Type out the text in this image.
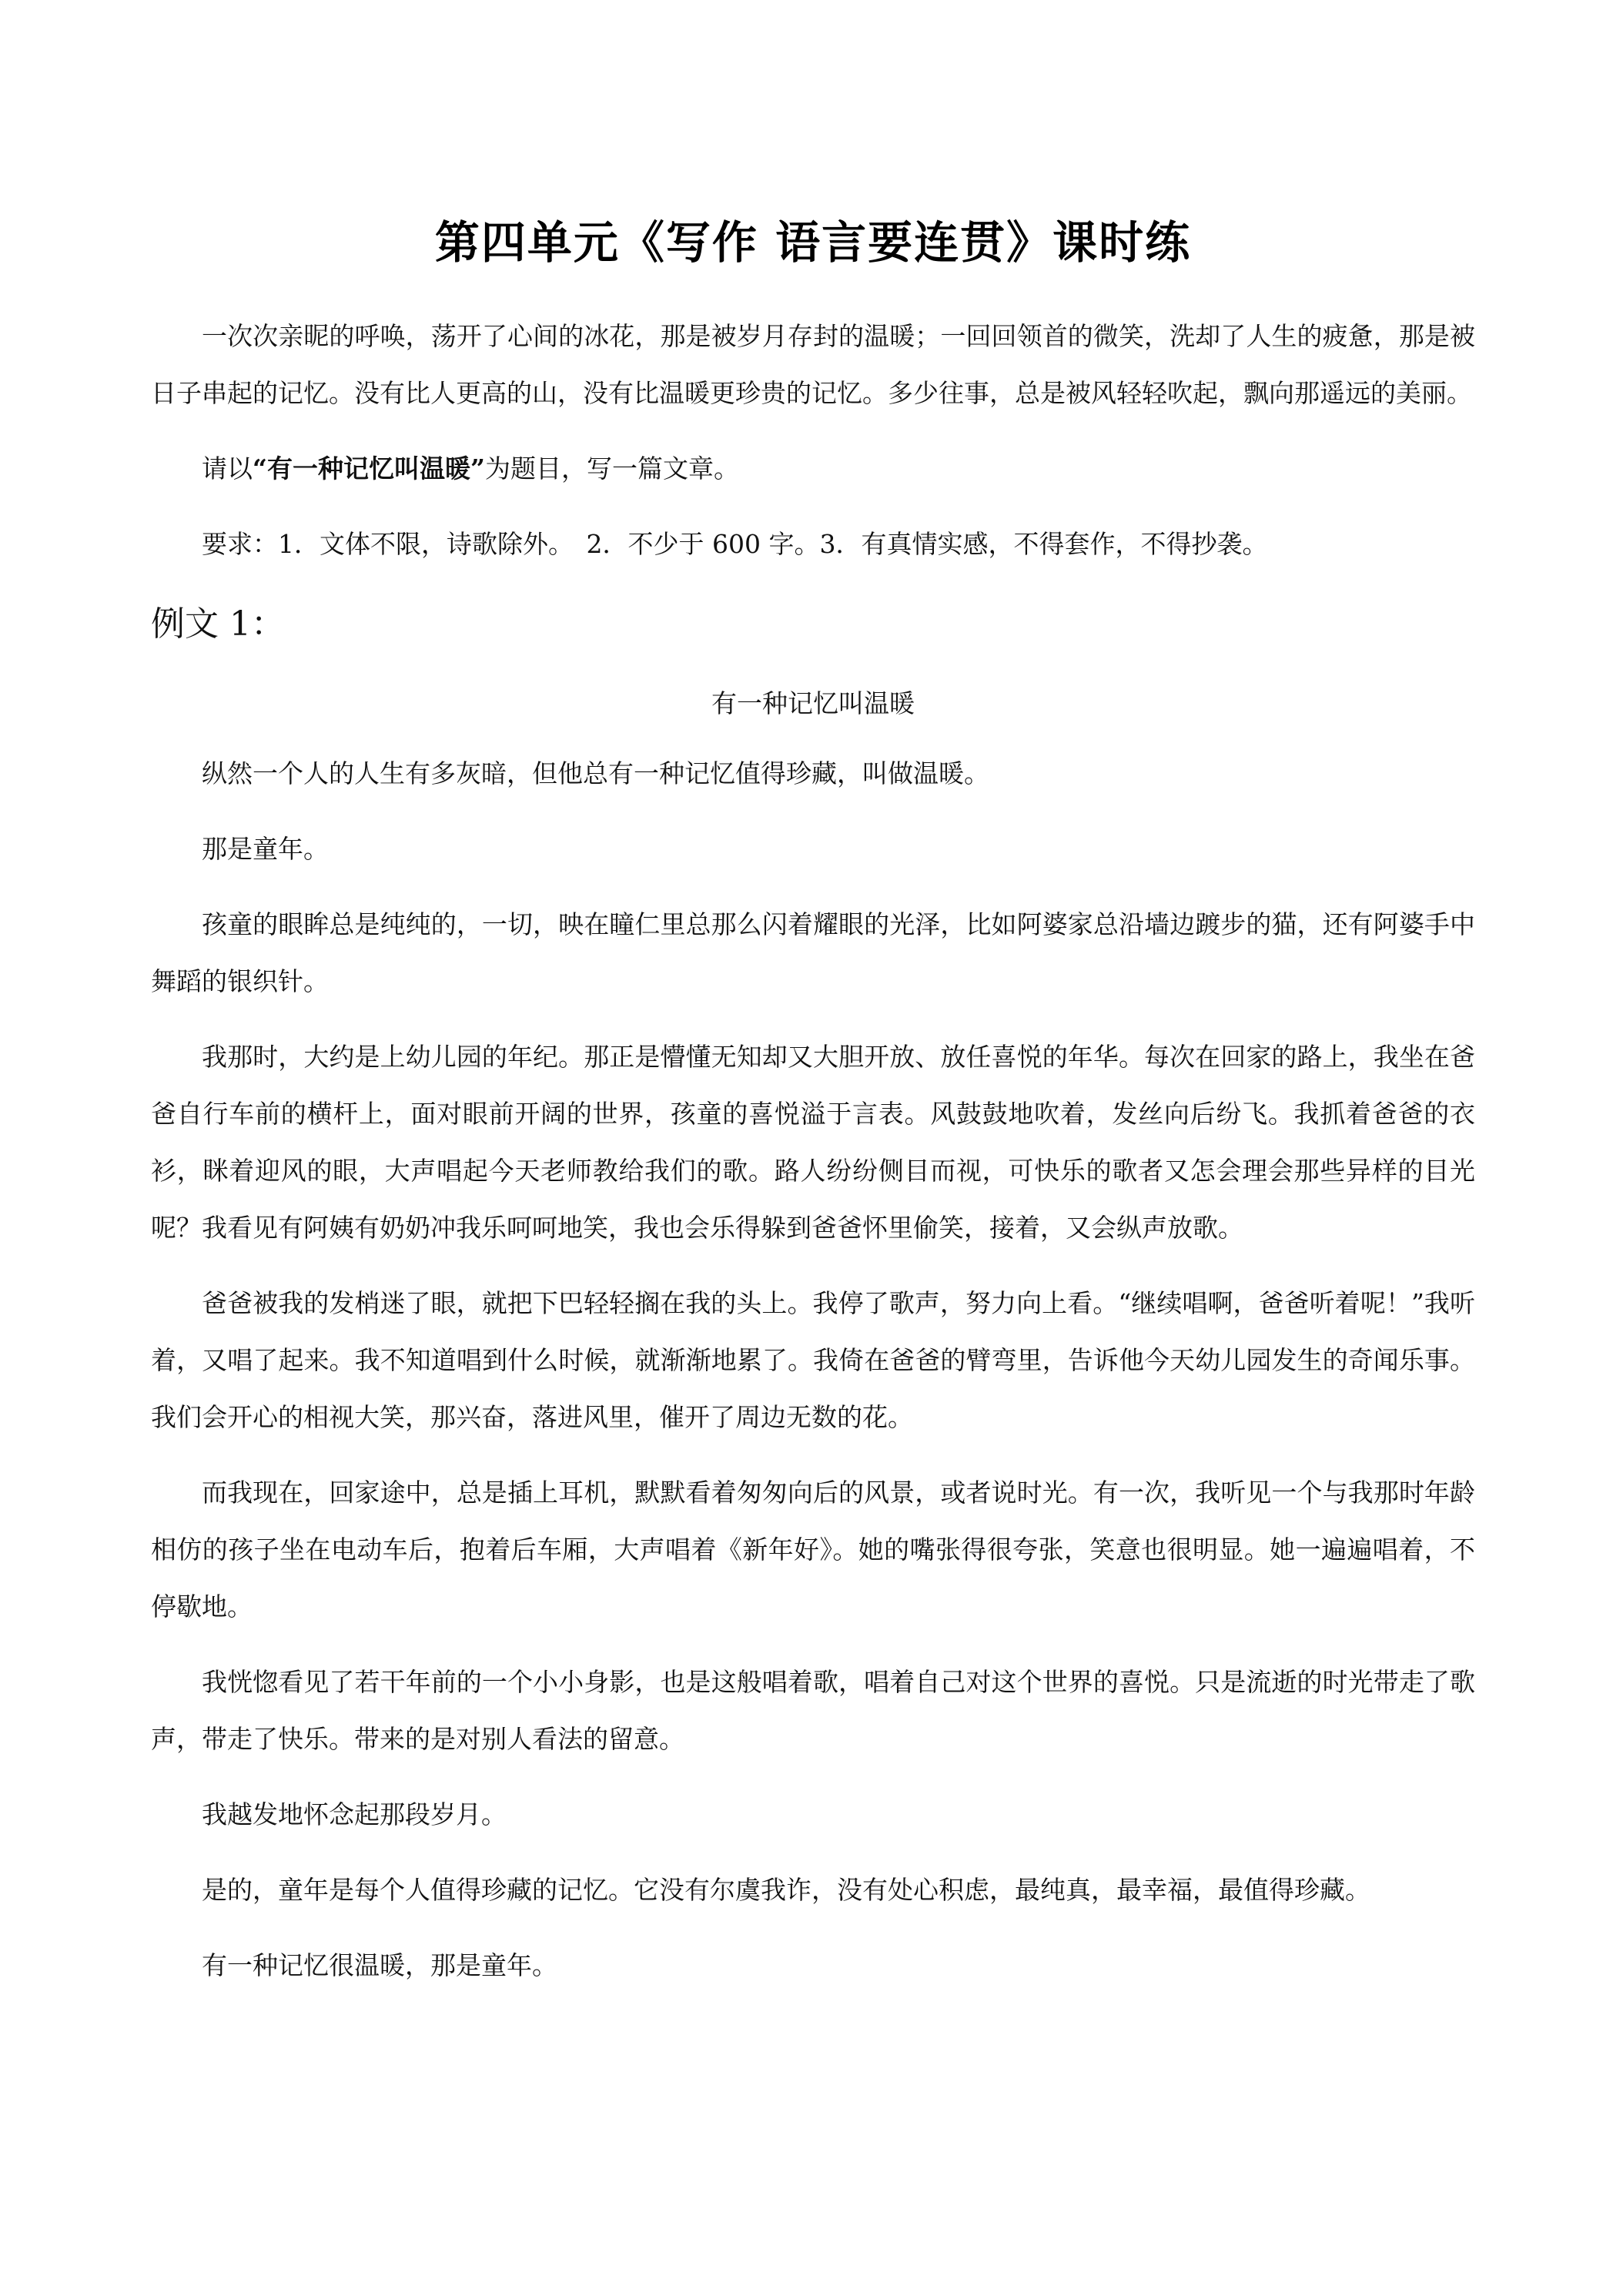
第四单元《写作 语言要连贯》课时练

一次次亲昵的呼唤，荡开了心间的冰花，那是被岁月存封的温暖；一回回领首的微笑，洗却了人生的疲惫，那是被日子串起的记忆。没有比人更高的山，没有比温暖更珍贵的记忆。多少往事，总是被风轻轻吹起，飘向那遥远的美丽。

请以“有一种记忆叫温暖”为题目，写一篇文章。

要求：1．文体不限，诗歌除外。　2．不少于 600 字。3．有真情实感，不得套作，不得抄袭。

例文 1：
有一种记忆叫温暖

纵然一个人的人生有多灰暗，但他总有一种记忆值得珍藏，叫做温暖。

那是童年。

孩童的眼眸总是纯纯的，一切，映在瞳仁里总那么闪着耀眼的光泽，比如阿婆家总沿墙边踱步的猫，还有阿婆手中舞蹈的银织针。

我那时，大约是上幼儿园的年纪。那正是懵懂无知却又大胆开放、放任喜悦的年华。每次在回家的路上，我坐在爸爸自行车前的横杆上，面对眼前开阔的世界，孩童的喜悦溢于言表。风鼓鼓地吹着，发丝向后纷飞。我抓着爸爸的衣衫，眯着迎风的眼，大声唱起今天老师教给我们的歌。路人纷纷侧目而视，可快乐的歌者又怎会理会那些异样的目光呢？我看见有阿姨有奶奶冲我乐呵呵地笑，我也会乐得躲到爸爸怀里偷笑，接着，又会纵声放歌。

爸爸被我的发梢迷了眼，就把下巴轻轻搁在我的头上。我停了歌声，努力向上看。“继续唱啊，爸爸听着呢！”我听着，又唱了起来。我不知道唱到什么时候，就渐渐地累了。我倚在爸爸的臂弯里，告诉他今天幼儿园发生的奇闻乐事。我们会开心的相视大笑，那兴奋，落进风里，催开了周边无数的花。

而我现在，回家途中，总是插上耳机，默默看着匆匆向后的风景，或者说时光。有一次，我听见一个与我那时年龄相仿的孩子坐在电动车后，抱着后车厢，大声唱着《新年好》。她的嘴张得很夸张，笑意也很明显。她一遍遍唱着，不停歇地。

我恍惚看见了若干年前的一个小小身影，也是这般唱着歌，唱着自己对这个世界的喜悦。只是流逝的时光带走了歌声，带走了快乐。带来的是对别人看法的留意。

我越发地怀念起那段岁月。

是的，童年是每个人值得珍藏的记忆。它没有尔虞我诈，没有处心积虑，最纯真，最幸福，最值得珍藏。

有一种记忆很温暖，那是童年。
